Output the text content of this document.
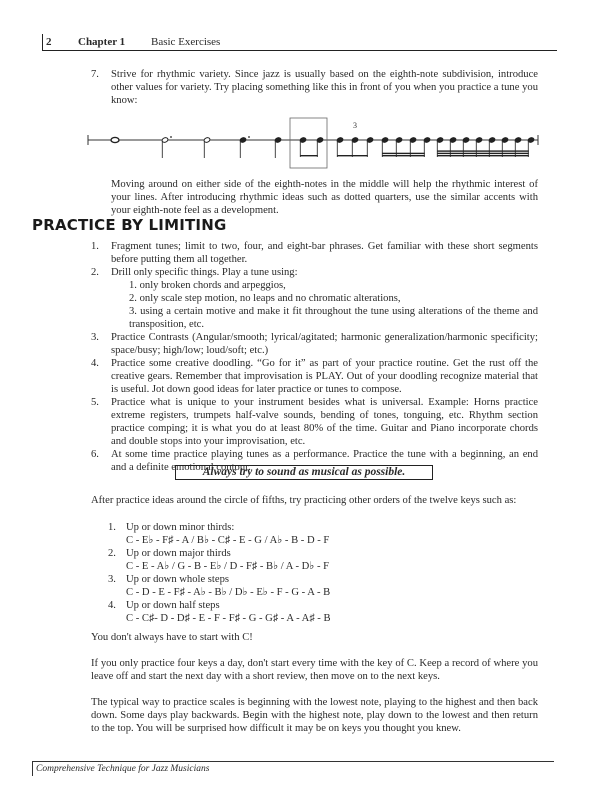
2 Chapter 1 Basic Exercises
7. Strive for rhythmic variety. Since jazz is usually based on the eighth-note subdivision, introduce other values for variety. Try placing something like this in front of you when you practice a tune you know:
3
Moving around on either side of the eighth-notes in the middle will help the rhythmic interest of your lines. After introducing rhythmic ideas such as dotted quarters, use the similar accents with your eighth-note feel as a development.
PRACTICE BY LIMITING
1. Fragment tunes; limit to two, four, and eight-bar phrases. Get familiar with these short segments before putting them all together.
2. Drill only specific things. Play a tune using:
1. only broken chords and arpeggios,
2. only scale step motion, no leaps and no chromatic alterations,
3. using a certain motive and make it fit throughout the tune using alterations of the theme and transposition, etc.
3. Practice Contrasts (Angular/smooth; lyrical/agitated; harmonic generalization/harmonic specificity; space/busy; high/low; loud/soft; etc.)
4. Practice some creative doodling. “Go for it” as part of your practice routine. Get the rust off the creative gears. Remember that improvisation is PLAY. Out of your doodling recognize material that is useful. Jot down good ideas for later practice or tunes to compose.
5. Practice what is unique to your instrument besides what is universal. Example: Horns practice extreme registers, trumpets half-valve sounds, bending of tones, tonguing, etc. Rhythm section practice comping; it is what you do at least 80% of the time. Guitar and Piano incorporate chords and double stops into your improvisation, etc.
6. At some time practice playing tunes as a performance. Practice the tune with a beginning, an end and a definite emotional contour.
Always try to sound as musical as possible.
After practice ideas around the circle of fifths, try practicing other orders of the twelve keys such as:
1. Up or down minor thirds:
C - E♭ - F♯ - A / B♭ - C♯ - E - G / A♭ - B - D - F
2. Up or down major thirds
C - E - A♭ / G - B - E♭ / D - F♯ - B♭ / A - D♭ - F
3. Up or down whole steps
C - D - E - F♯ - A♭ - B♭ / D♭ - E♭ - F - G - A - B
4. Up or down half steps
C - C♯- D - D♯ - E - F - F♯ - G - G♯ - A - A♯ - B
You don't always have to start with C!
If you only practice four keys a day, don't start every time with the key of C. Keep a record of where you leave off and start the next day with a short review, then move on to the next keys.
The typical way to practice scales is beginning with the lowest note, playing to the highest and then back down. Some days play backwards. Begin with the highest note, play down to the lowest and then return to the top. You will be surprised how difficult it may be on keys you thought you knew.
Comprehensive Technique for Jazz Musicians
